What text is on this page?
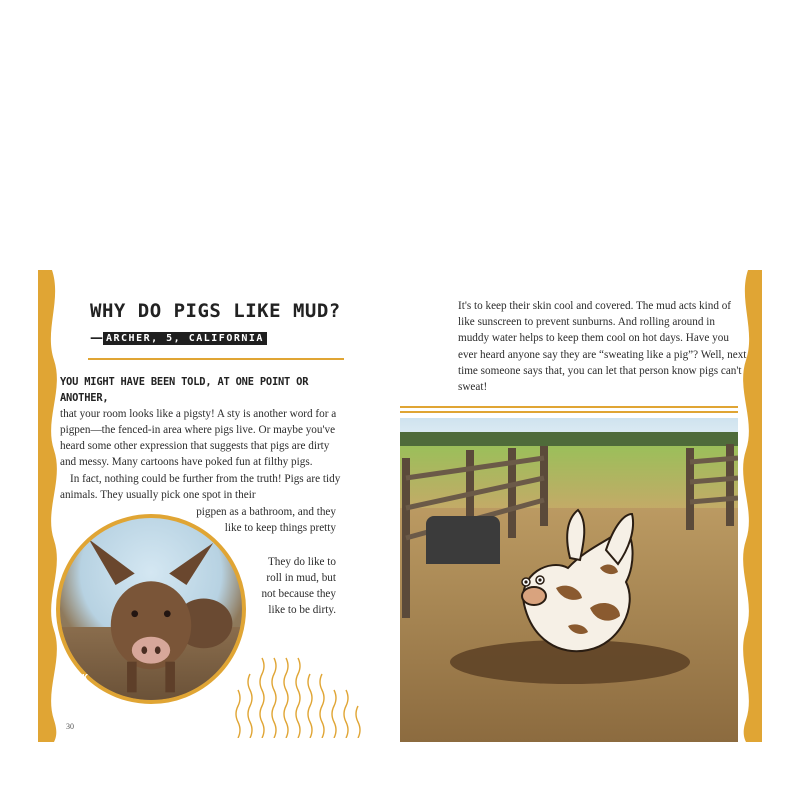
WHY DO PIGS LIKE MUD?
— ARCHER, 5, CALIFORNIA

YOU MIGHT HAVE BEEN TOLD, AT ONE POINT OR ANOTHER,
that your room looks like a pigsty! A sty is another word for a pigpen—the fenced-in area where pigs live. Or maybe you've heard some other expression that suggests that pigs are dirty and messy. Many cartoons have poked fun at filthy pigs.
In fact, nothing could be further from the truth! Pigs are tidy animals. They usually pick one spot in their

pigpen as a bathroom, and they

like to keep things pretty

They do like to

roll in mud, but

not because they

like to be dirty.

OINK
OINK
30

It's to keep their skin cool and covered. The mud acts kind of like sunscreen to prevent sunburns. And rolling around in muddy water helps to keep them cool on hot days. Have you ever heard anyone say they are “sweating like a pig”? Well, next time someone says that, you can let that person know pigs can't sweat!
